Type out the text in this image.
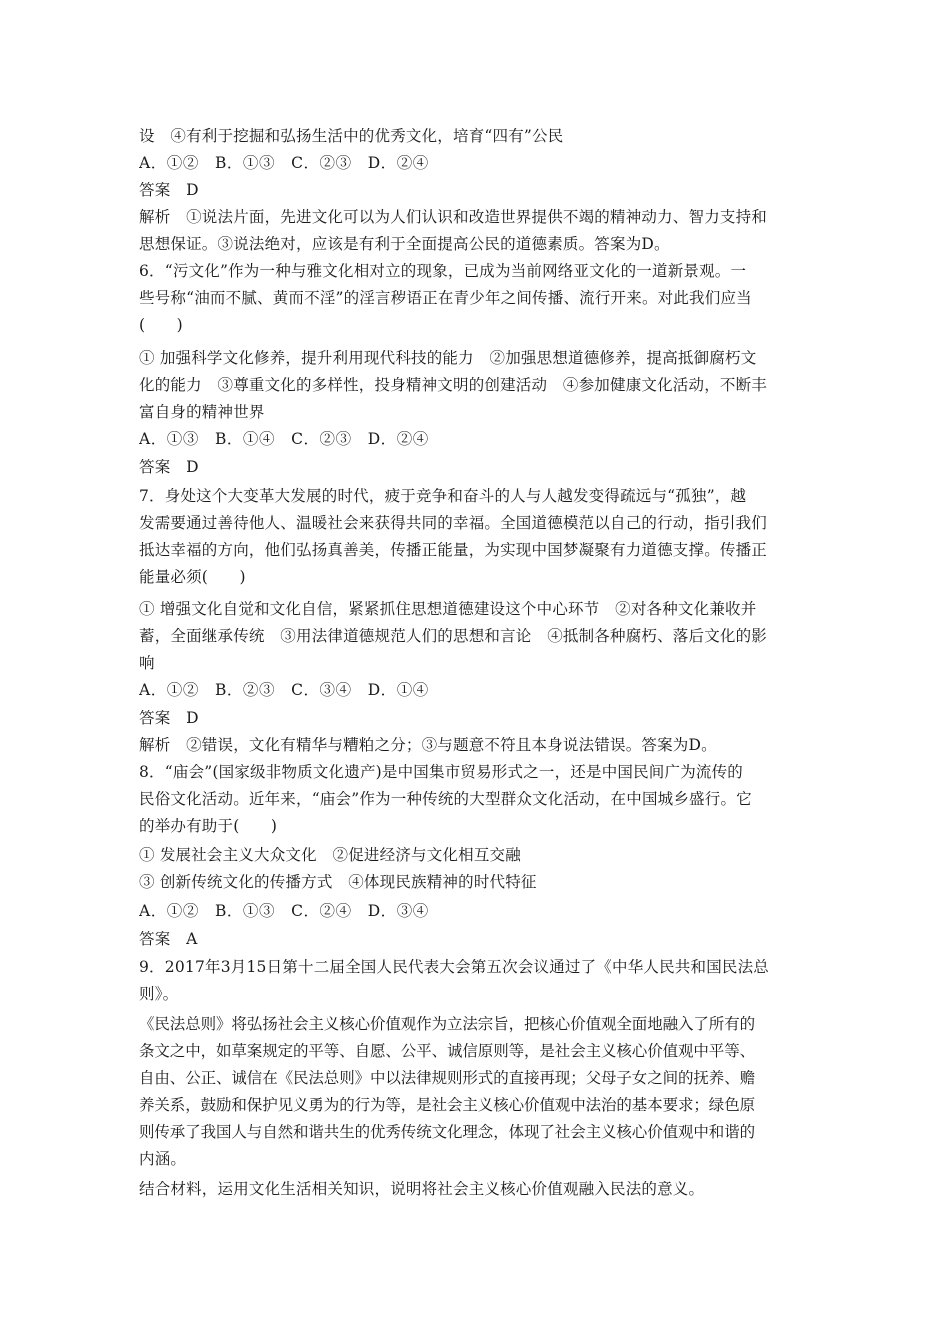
设　④有利于挖掘和弘扬生活中的优秀文化，培育“四有”公民
A．①②　B．①③　C．②③　D．②④
答案　D
解析　①说法片面，先进文化可以为人们认识和改造世界提供不竭的精神动力、智力支持和
思想保证。③说法绝对，应该是有利于全面提高公民的道德素质。答案为D。
6．“污文化”作为一种与雅文化相对立的现象，已成为当前网络亚文化的一道新景观。一
些号称“油而不腻、黄而不淫”的淫言秽语正在青少年之间传播、流行开来。对此我们应当
(　　)
① 加强科学文化修养，提升利用现代科技的能力　②加强思想道德修养，提高抵御腐朽文
化的能力　③尊重文化的多样性，投身精神文明的创建活动　④参加健康文化活动，不断丰
富自身的精神世界
A．①③　B．①④　C．②③　D．②④
答案　D
7．身处这个大变革大发展的时代，疲于竞争和奋斗的人与人越发变得疏远与“孤独”，越
发需要通过善待他人、温暖社会来获得共同的幸福。全国道德模范以自己的行动，指引我们
抵达幸福的方向，他们弘扬真善美，传播正能量，为实现中国梦凝聚有力道德支撑。传播正
能量必须(　　)
① 增强文化自觉和文化自信，紧紧抓住思想道德建设这个中心环节　②对各种文化兼收并
蓄，全面继承传统　③用法律道德规范人们的思想和言论　④抵制各种腐朽、落后文化的影
响
A．①②　B．②③　C．③④　D．①④
答案　D
解析　②错误，文化有精华与糟粕之分；③与题意不符且本身说法错误。答案为D。
8．“庙会”(国家级非物质文化遗产)是中国集市贸易形式之一，还是中国民间广为流传的
民俗文化活动。近年来，“庙会”作为一种传统的大型群众文化活动，在中国城乡盛行。它
的举办有助于(　　)
① 发展社会主义大众文化　②促进经济与文化相互交融
③ 创新传统文化的传播方式　④体现民族精神的时代特征
A．①②　B．①③　C．②④　D．③④
答案　A
9．2017年3月15日第十二届全国人民代表大会第五次会议通过了《中华人民共和国民法总
则》。
《民法总则》将弘扬社会主义核心价值观作为立法宗旨，把核心价值观全面地融入了所有的
条文之中，如草案规定的平等、自愿、公平、诚信原则等，是社会主义核心价值观中平等、
自由、公正、诚信在《民法总则》中以法律规则形式的直接再现；父母子女之间的抚养、赡
养关系，鼓励和保护见义勇为的行为等，是社会主义核心价值观中法治的基本要求；绿色原
则传承了我国人与自然和谐共生的优秀传统文化理念，体现了社会主义核心价值观中和谐的
内涵。
结合材料，运用文化生活相关知识，说明将社会主义核心价值观融入民法的意义。
